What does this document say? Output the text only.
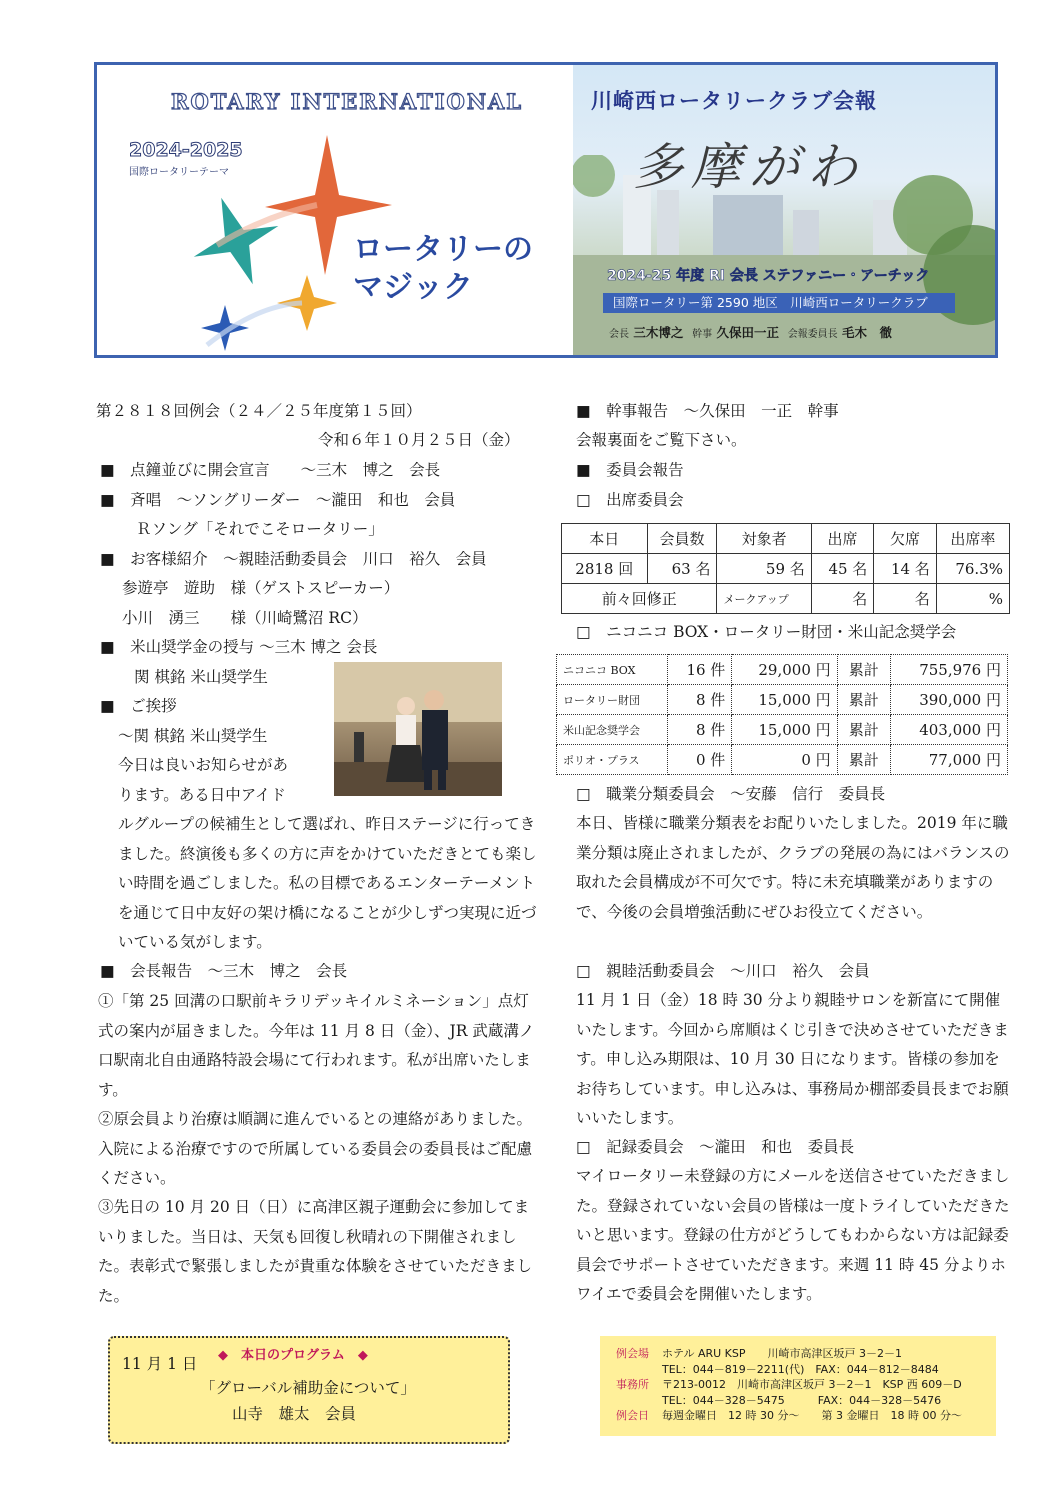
ROTARY INTERNATIONAL
2024-2025
国際ロータリーテーマ
ロータリーの
マジック
川崎西ロータリークラブ会報
多摩がわ
2024-25 年度 RI 会長 ステファニー・アーチック
国際ロータリー第 2590 地区　川崎西ロータリークラブ
会長 三木博之 幹事 久保田一正 会報委員長 毛木　徹
第２８１８回例会（２４／２５年度第１５回）
令和６年１０月２５日（金）
■　点鐘並びに開会宣言　　～三木　博之　会長
■　斉唱　～ソングリーダー　～瀧田　和也　会員
Ｒソング「それでこそロータリー」
■　お客様紹介　～親睦活動委員会　川口　裕久　会員
参遊亭　遊助　様（ゲストスピーカー）
小川　湧三　　様（川崎鷺沼 RC）
■　米山奨学金の授与 ～三木 博之 会長
関 棋銘 米山奨学生
■　ご挨拶
～関 棋銘 米山奨学生
今日は良いお知らせがあ
ります。ある日中アイド
ルグループの候補生として選ばれ、昨日ステージに行ってきました。終演後も多くの方に声をかけていただきとても楽しい時間を過ごしました。私の目標であるエンターテーメントを通じて日中友好の架け橋になることが少しずつ実現に近づいている気がします。
■　会長報告　～三木　博之　会長
①「第 25 回溝の口駅前キラリデッキイルミネーション」点灯式の案内が届きました。今年は 11 月 8 日（金）、JR 武蔵溝ノ口駅南北自由通路特設会場にて行われます。私が出席いたします。
②原会員より治療は順調に進んでいるとの連絡がありました。入院による治療ですので所属している委員会の委員長はご配慮ください。
③先日の 10 月 20 日（日）に高津区親子運動会に参加してまいりました。当日は、天気も回復し秋晴れの下開催されました。表彰式で緊張しましたが貴重な体験をさせていただきました。
■　幹事報告　～久保田　一正　幹事
会報裏面をご覧下さい。
■　委員会報告
□　出席委員会
本日	会員数	対象者	出席	欠席	出席率
2818 回	63 名	59 名	45 名	14 名	76.3%
前々回修正		メークアップ	名	名	%
□　ニコニコ BOX・ロータリー財団・米山記念奨学会
ニコニコ BOX	16 件	29,000 円	累計	755,976 円
ロータリー財団	8 件	15,000 円	累計	390,000 円
米山記念奨学会	8 件	15,000 円	累計	403,000 円
ポリオ・プラス	0 件	0 円	累計	77,000 円
□　職業分類委員会　～安藤　信行　委員長
本日、皆様に職業分類表をお配りいたしました。2019 年に職業分類は廃止されましたが、クラブの発展の為にはバランスの取れた会員構成が不可欠です。特に未充填職業がありますので、今後の会員増強活動にぜひお役立てください。
□　親睦活動委員会　～川口　裕久　会員
11 月 1 日（金）18 時 30 分より親睦サロンを新富にて開催いたします。今回から席順はくじ引きで決めさせていただきます。申し込み期限は、10 月 30 日になります。皆様の参加をお待ちしています。申し込みは、事務局か棚部委員長までお願いいたします。
□　記録委員会　～瀧田　和也　委員長
マイロータリー未登録の方にメールを送信させていただきました。登録されていない会員の皆様は一度トライしていただきたいと思います。登録の仕方がどうしてもわからない方は記録委員会でサポートさせていただきます。来週 11 時 45 分よりホワイエで委員会を開催いたします。
◆　本日のプログラム　◆
11 月 1 日
「グローバル補助金について」
山寺　雄太　会員
例会場 ホテル ARU KSP　　川崎市高津区坂戸 3－2－1
TEL：044－819－2211(代)　FAX：044－812－8484
事務所 〒213-0012　川崎市高津区坂戸 3－2－1　KSP 西 609－D
TEL：044－328－5475　　　FAX：044－328－5476
例会日 毎週金曜日　12 時 30 分～　　第 3 金曜日　18 時 00 分～
